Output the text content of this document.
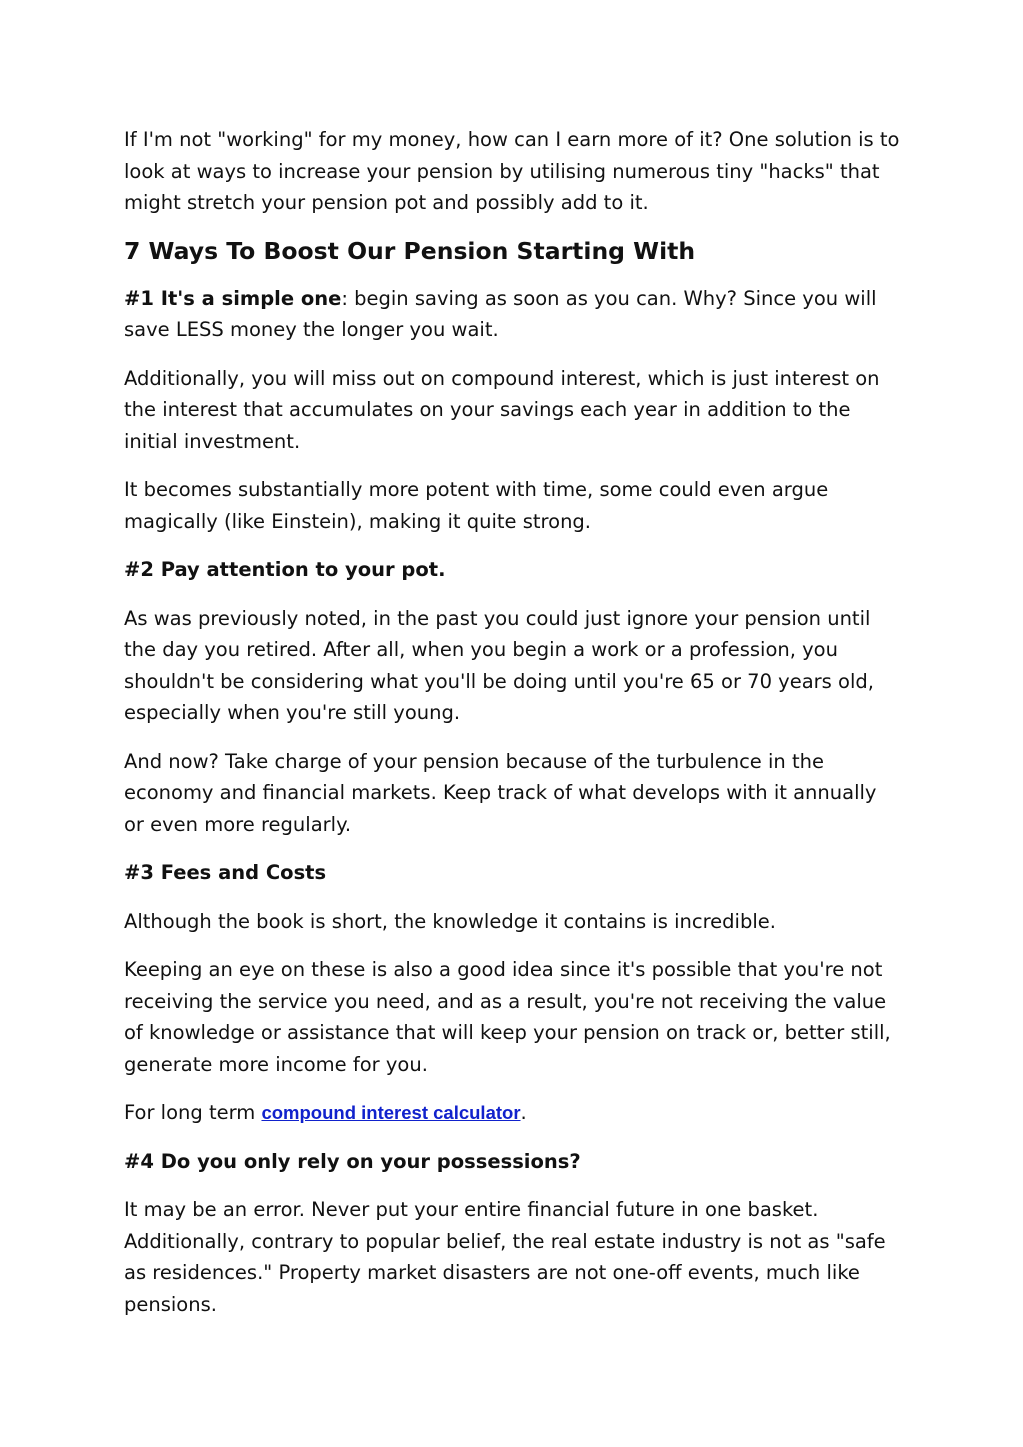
If I'm not "working" for my money, how can I earn more of it? One solution is to look at ways to increase your pension by utilising numerous tiny "hacks" that might stretch your pension pot and possibly add to it.

7 Ways To Boost Our Pension Starting With

#1 It's a simple one: begin saving as soon as you can. Why? Since you will save LESS money the longer you wait.

Additionally, you will miss out on compound interest, which is just interest on the interest that accumulates on your savings each year in addition to the initial investment.

It becomes substantially more potent with time, some could even argue magically (like Einstein), making it quite strong.

#2 Pay attention to your pot.

As was previously noted, in the past you could just ignore your pension until the day you retired. After all, when you begin a work or a profession, you shouldn't be considering what you'll be doing until you're 65 or 70 years old, especially when you're still young.

And now? Take charge of your pension because of the turbulence in the economy and financial markets. Keep track of what develops with it annually or even more regularly.

#3 Fees and Costs

Although the book is short, the knowledge it contains is incredible.

Keeping an eye on these is also a good idea since it's possible that you're not receiving the service you need, and as a result, you're not receiving the value of knowledge or assistance that will keep your pension on track or, better still, generate more income for you.

For long term compound interest calculator.

#4 Do you only rely on your possessions?

It may be an error. Never put your entire financial future in one basket. Additionally, contrary to popular belief, the real estate industry is not as "safe as residences." Property market disasters are not one-off events, much like pensions.
